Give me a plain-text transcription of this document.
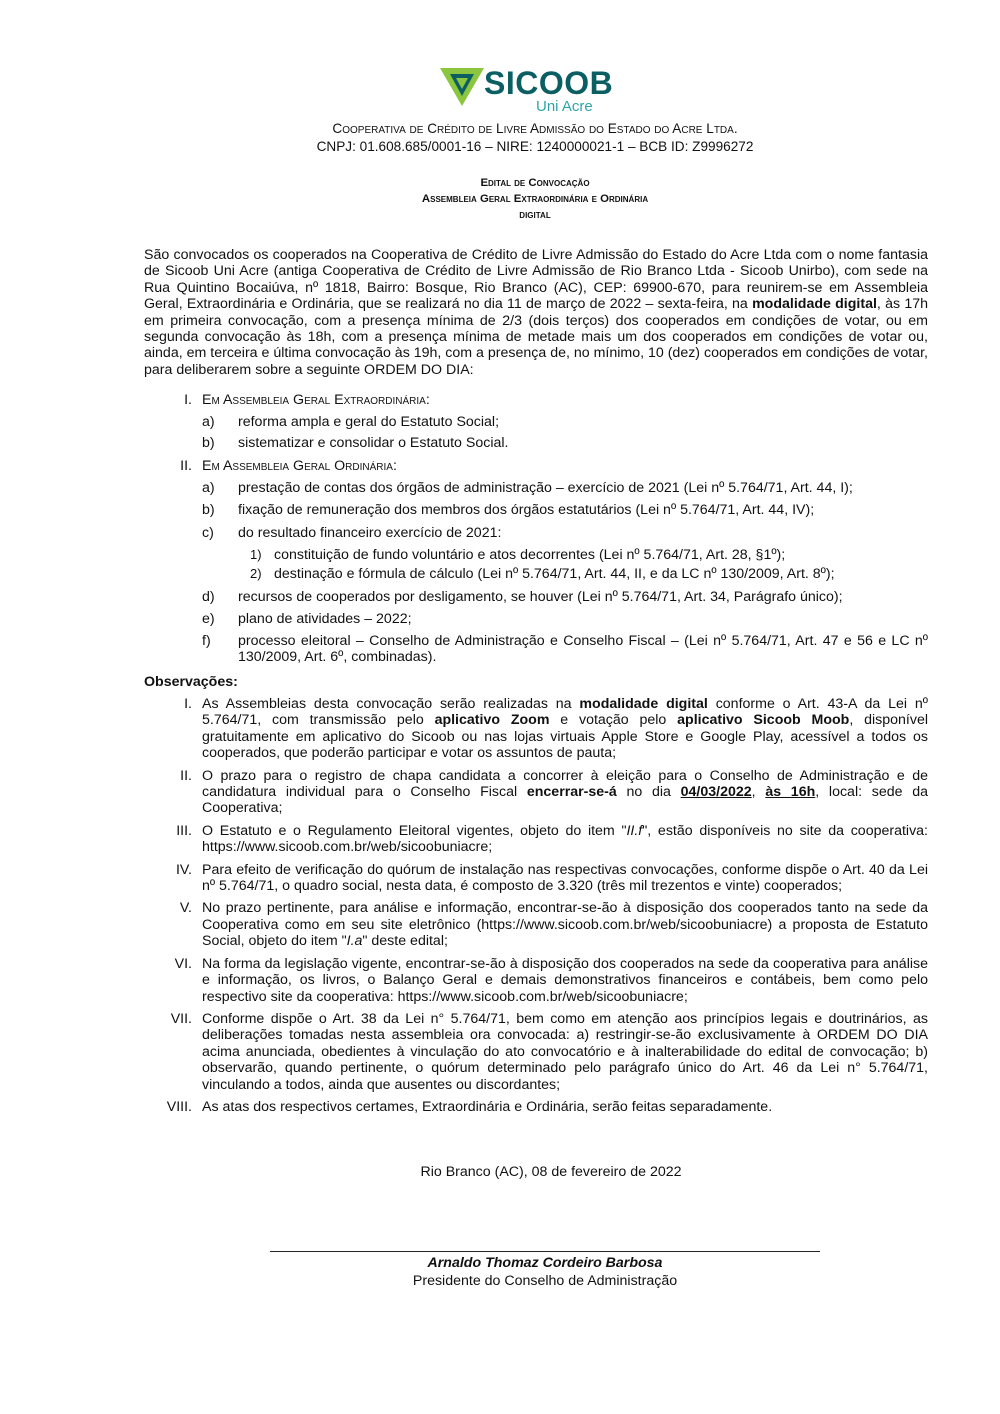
SICOOB
Uni Acre
Cooperativa de Crédito de Livre Admissão do Estado do Acre Ltda.
CNPJ: 01.608.685/0001-16 – NIRE: 1240000021-1 – BCB ID: Z9996272
Edital de Convocação
Assembleia Geral Extraordinária e Ordinária
digital

São convocados os cooperados na Cooperativa de Crédito de Livre Admissão do Estado do Acre Ltda com o nome fantasia de Sicoob Uni Acre (antiga Cooperativa de Crédito de Livre Admissão de Rio Branco Ltda - Sicoob Unirbo), com sede na Rua Quintino Bocaiúva, nº 1818, Bairro: Bosque, Rio Branco (AC), CEP: 69900-670, para reunirem-se em Assembleia Geral, Extraordinária e Ordinária, que se realizará no dia 11 de março de 2022 – sexta-feira, na modalidade digital, às 17h em primeira convocação, com a presença mínima de 2/3 (dois terços) dos cooperados em condições de votar, ou em segunda convocação às 18h, com a presença mínima de metade mais um dos cooperados em condições de votar ou, ainda, em terceira e última convocação às 19h, com a presença de, no mínimo, 10 (dez) cooperados em condições de votar, para deliberarem sobre a seguinte ORDEM DO DIA:

I. Em Assembleia Geral Extraordinária:
a)	reforma ampla e geral do Estatuto Social;
b)	sistematizar e consolidar o Estatuto Social.
II. Em Assembleia Geral Ordinária:
a)	prestação de contas dos órgãos de administração – exercício de 2021 (Lei nº 5.764/71, Art. 44, I);
b)	fixação de remuneração dos membros dos órgãos estatutários (Lei nº 5.764/71, Art. 44, IV);
c)	do resultado financeiro exercício de 2021:
1) constituição de fundo voluntário e atos decorrentes (Lei nº 5.764/71, Art. 28, §1º);
2) destinação e fórmula de cálculo (Lei nº 5.764/71, Art. 44, II, e da LC nº 130/2009, Art. 8º);
d)	recursos de cooperados por desligamento, se houver (Lei nº 5.764/71, Art. 34, Parágrafo único);
e)	plano de atividades – 2022;
f)	processo eleitoral – Conselho de Administração e Conselho Fiscal – (Lei nº 5.764/71, Art. 47 e 56 e LC nº 130/2009, Art. 6º, combinadas).
Observações:
I. As Assembleias desta convocação serão realizadas na modalidade digital conforme o Art. 43-A da Lei nº 5.764/71, com transmissão pelo aplicativo Zoom e votação pelo aplicativo Sicoob Moob, disponível gratuitamente em aplicativo do Sicoob ou nas lojas virtuais Apple Store e Google Play, acessível a todos os cooperados, que poderão participar e votar os assuntos de pauta;
II. O prazo para o registro de chapa candidata a concorrer à eleição para o Conselho de Administração e de candidatura individual para o Conselho Fiscal encerrar-se-á no dia 04/03/2022, às 16h, local: sede da Cooperativa;
III. O Estatuto e o Regulamento Eleitoral vigentes, objeto do item "II.f", estão disponíveis no site da cooperativa: https://www.sicoob.com.br/web/sicoobuniacre;
IV. Para efeito de verificação do quórum de instalação nas respectivas convocações, conforme dispõe o Art. 40 da Lei nº 5.764/71, o quadro social, nesta data, é composto de 3.320 (três mil trezentos e vinte) cooperados;
V. No prazo pertinente, para análise e informação, encontrar-se-ão à disposição dos cooperados tanto na sede da Cooperativa como em seu site eletrônico (https://www.sicoob.com.br/web/sicoobuniacre) a proposta de Estatuto Social, objeto do item "I.a" deste edital;
VI. Na forma da legislação vigente, encontrar-se-ão à disposição dos cooperados na sede da cooperativa para análise e informação, os livros, o Balanço Geral e demais demonstrativos financeiros e contábeis, bem como pelo respectivo site da cooperativa: https://www.sicoob.com.br/web/sicoobuniacre;
VII. Conforme dispõe o Art. 38 da Lei n° 5.764/71, bem como em atenção aos princípios legais e doutrinários, as deliberações tomadas nesta assembleia ora convocada: a) restringir-se-ão exclusivamente à ORDEM DO DIA acima anunciada, obedientes à vinculação do ato convocatório e à inalterabilidade do edital de convocação; b) observarão, quando pertinente, o quórum determinado pelo parágrafo único do Art. 46 da Lei n° 5.764/71, vinculando a todos, ainda que ausentes ou discordantes;
VIII. As atas dos respectivos certames, Extraordinária e Ordinária, serão feitas separadamente.
Rio Branco (AC), 08 de fevereiro de 2022
Arnaldo Thomaz Cordeiro Barbosa
Presidente do Conselho de Administração
